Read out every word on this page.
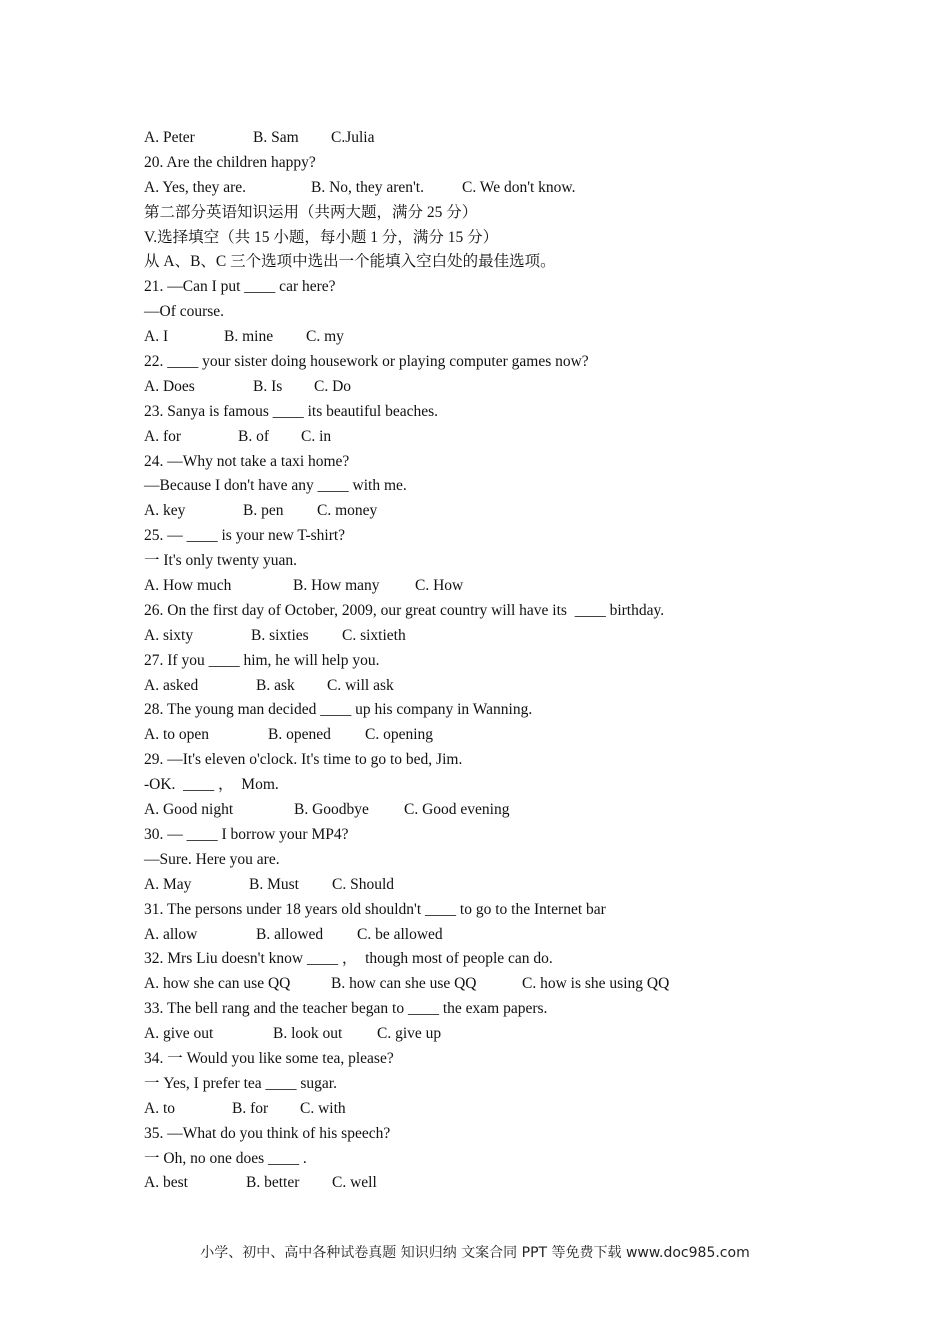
A. Peter	B. Sam C.Julia
20. Are the children happy?
A. Yes, they are.	B. No, they aren't. C. We don't know.
第二部分英语知识运用（共两大题，满分 25 分）
V.选择填空（共 15 小题，每小题 1 分，满分 15 分）
从 A、B、C 三个选项中选出一个能填入空白处的最佳选项。
21. —Can I put ____ car here?
—Of course.
A. I	B. mine C. my
22. ____ your sister doing housework or playing computer games now?
A. Does	B. Is C. Do
23. Sanya is famous ____ its beautiful beaches.
A. for	B. of C. in
24. —Why not take a taxi home?
—Because I don't have any ____ with me.
A. key	B. pen C. money
25. — ____ is your new T-shirt?
一 It's only twenty yuan.
A. How much	B. How many C. How
26. On the first day of October, 2009, our great country will have its  ____ birthday.
A. sixty	B. sixties C. sixtieth
27. If you ____ him, he will help you.
A. asked	B. ask C. will ask
28. The young man decided ____ up his company in Wanning.
A. to open	B. opened C. opening
29. —It's eleven o'clock. It's time to go to bed, Jim.
-OK.  ____ ，  Mom.
A. Good night	B. Goodbye C. Good evening
30. — ____ I borrow your MP4?
—Sure. Here you are.
A. May	B. Must C. Should
31. The persons under 18 years old shouldn't ____ to go to the Internet bar
A. allow	B. allowed C. be allowed
32. Mrs Liu doesn't know ____ ，  though most of people can do.
A. how she can use QQ	B. how can she use QQ	C. how is she using QQ
33. The bell rang and the teacher began to ____ the exam papers.
A. give out	B. look out C. give up
34. 一 Would you like some tea, please?
一 Yes, I prefer tea ____ sugar.
A. to	B. for C. with
35. —What do you think of his speech?
一 Oh, no one does ____ .
A. best	B. better C. well
小学、初中、高中各种试卷真题 知识归纳 文案合同 PPT 等免费下载 www.doc985.com
